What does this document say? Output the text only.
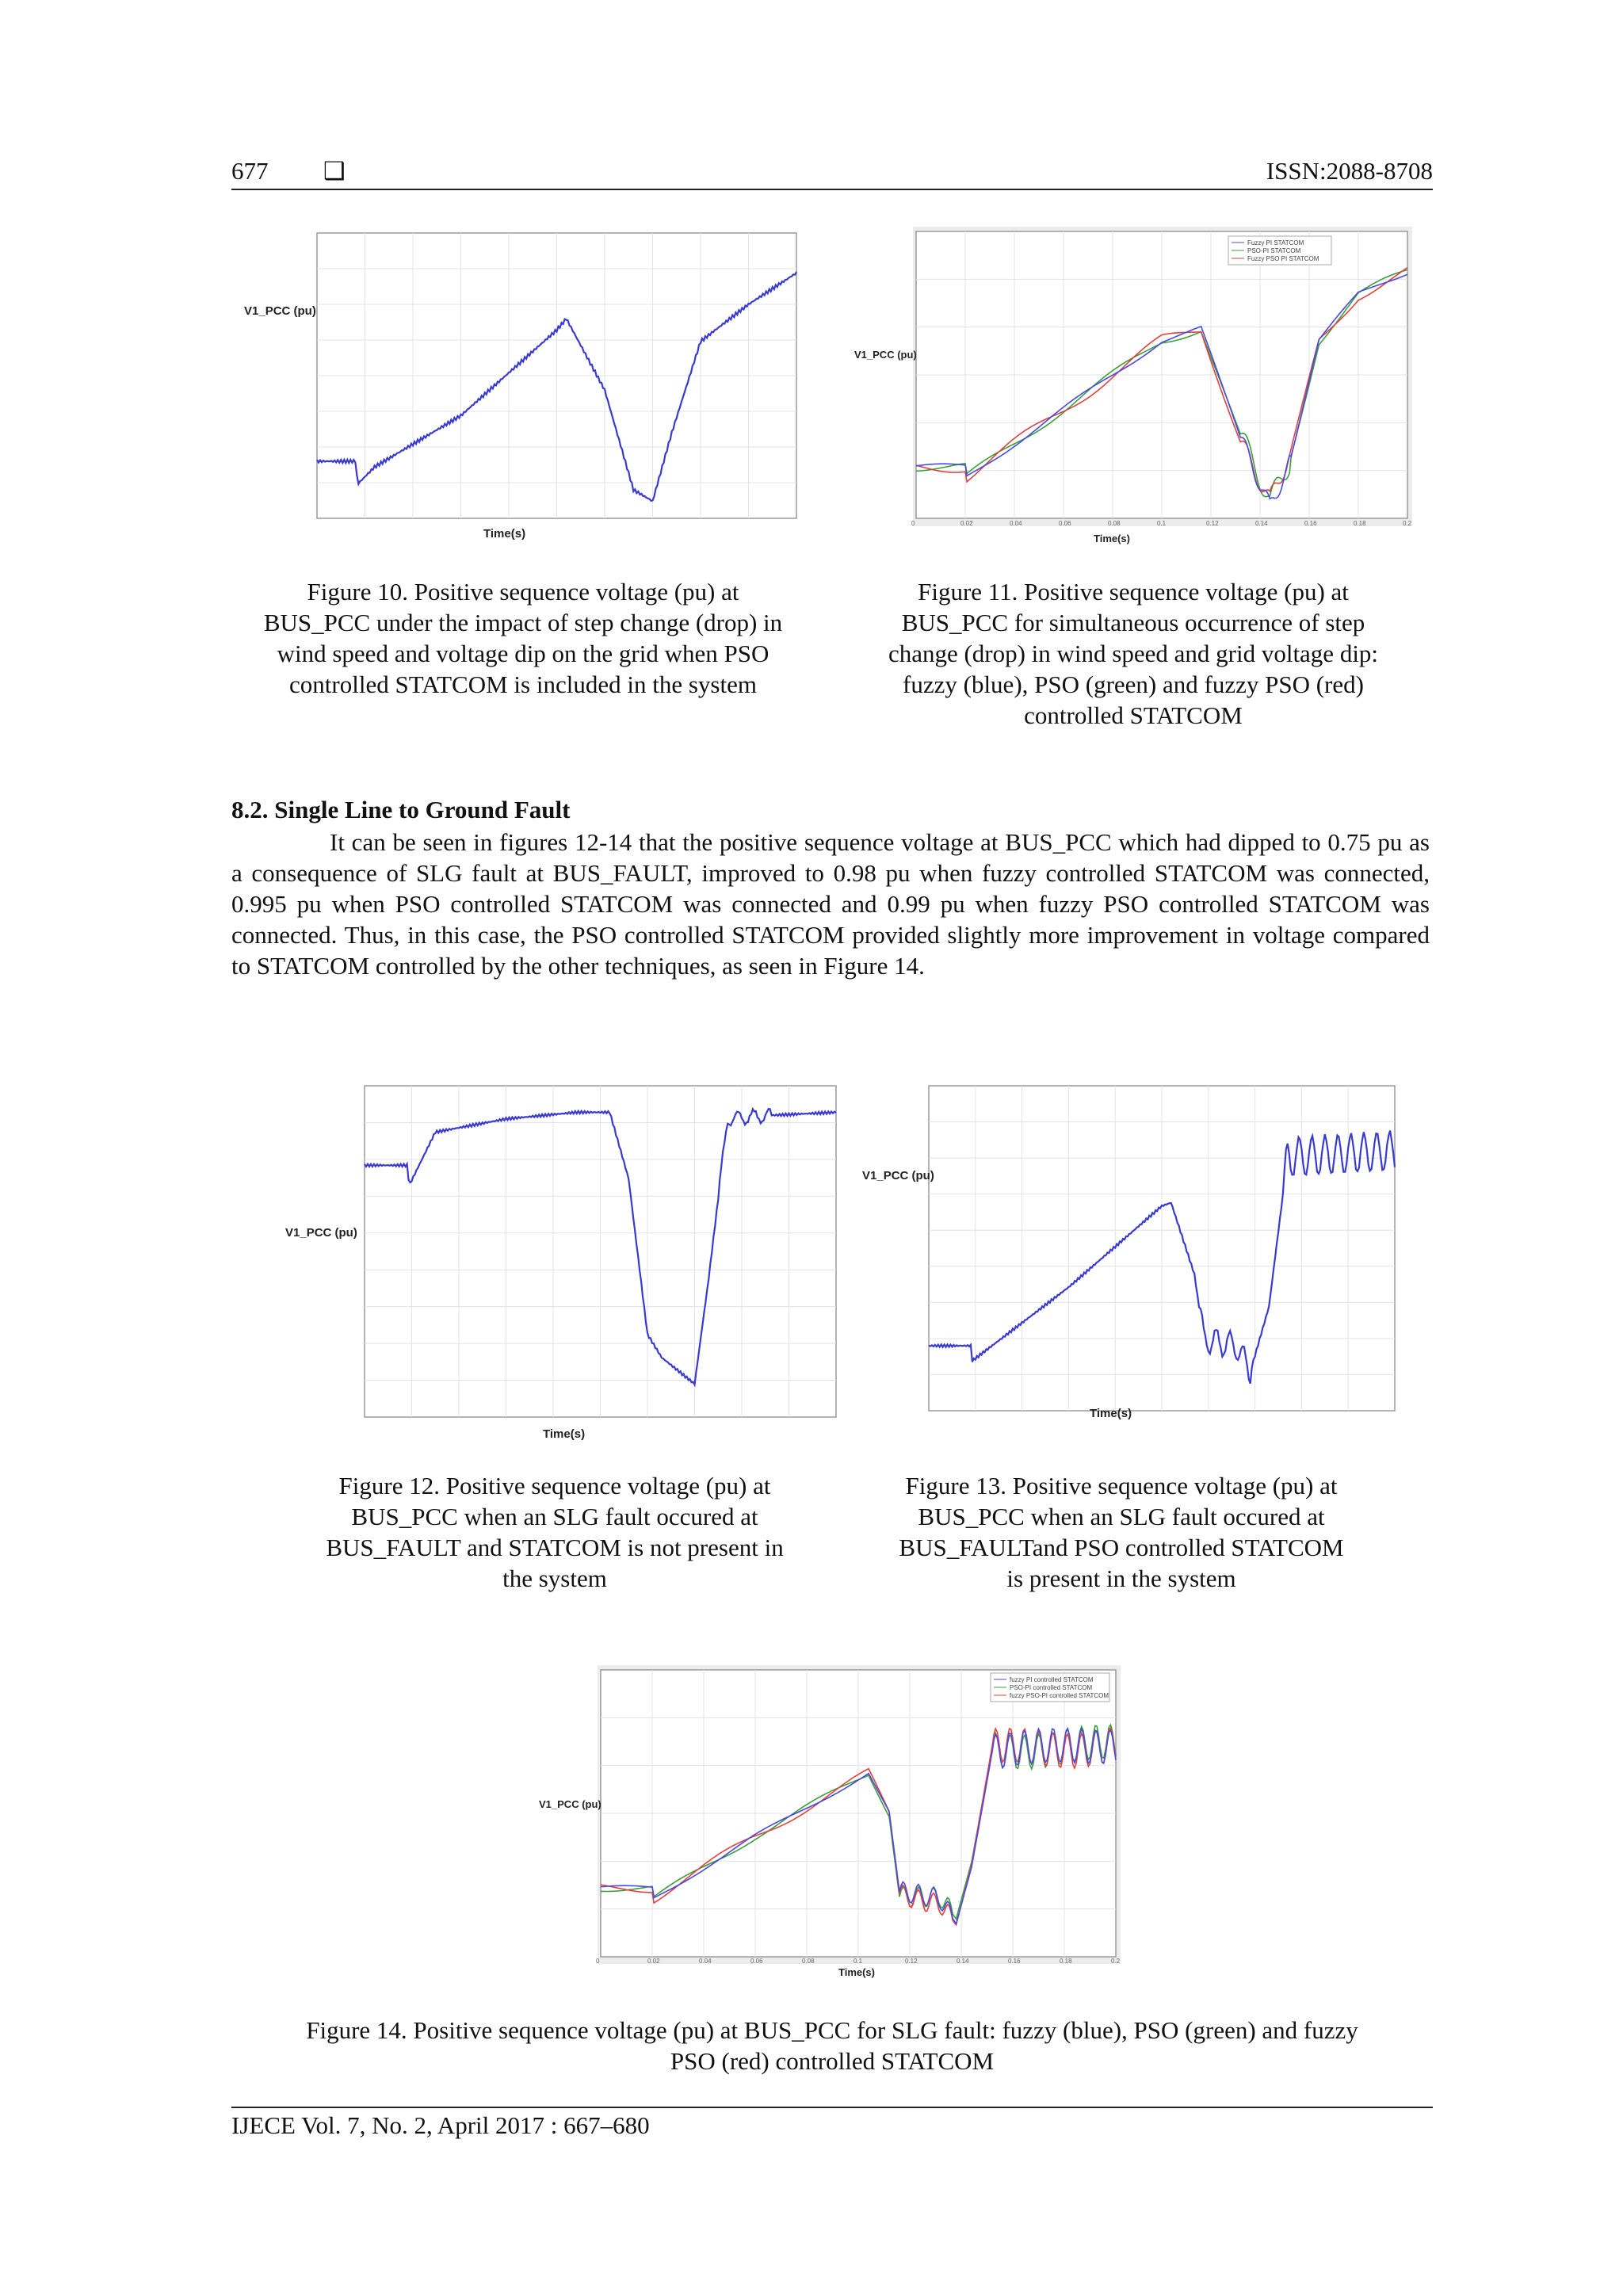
677 ❑	ISSN:2088-8708
V1_PCC (pu)
Time(s)
Figure 10. Positive sequence voltage (pu) at
BUS_PCC under the impact of step change (drop) in
wind speed and voltage dip on the grid when PSO
controlled STATCOM is included in the system
0	0.02	0.04	0.06	0.08	0.1	0.12	0.14	0.16	0.18	0.2
Fuzzy PI STATCOM
PSO-PI STATCOM
Fuzzy PSO PI STATCOM
V1_PCC (pu)
Time(s)
Figure 11. Positive sequence voltage (pu) at
BUS_PCC for simultaneous occurrence of step
change (drop) in wind speed and grid voltage dip:
fuzzy (blue), PSO (green) and fuzzy PSO (red)
controlled STATCOM
8.2. Single Line to Ground Fault
It can be seen in figures 12-14 that the positive sequence voltage at BUS_PCC which had dipped to 0.75 pu as a consequence of SLG fault at BUS_FAULT, improved to 0.98 pu when fuzzy controlled STATCOM was connected, 0.995 pu when PSO controlled STATCOM was connected and 0.99 pu when fuzzy PSO controlled STATCOM was connected. Thus, in this case, the PSO controlled STATCOM provided slightly more improvement in voltage compared to STATCOM controlled by the other techniques, as seen in Figure 14.
V1_PCC (pu)
Time(s)
Figure 12. Positive sequence voltage (pu) at
BUS_PCC when an SLG fault occured at
BUS_FAULT and STATCOM is not present in
the system
V1_PCC (pu)
Time(s)
Figure 13. Positive sequence voltage (pu) at
BUS_PCC when an SLG fault occured at
BUS_FAULTand PSO controlled STATCOM
is present in the system
0	0.02	0.04	0.06	0.08	0.1	0.12	0.14	0.16	0.18	0.2
fuzzy PI controlled STATCOM
PSO-PI controlled STATCOM
fuzzy PSO-PI controlled STATCOM
V1_PCC (pu)
Time(s)
Figure 14. Positive sequence voltage (pu) at BUS_PCC for SLG fault: fuzzy (blue), PSO (green) and fuzzy
PSO (red) controlled STATCOM
IJECE Vol. 7, No. 2, April 2017 : 667–680
